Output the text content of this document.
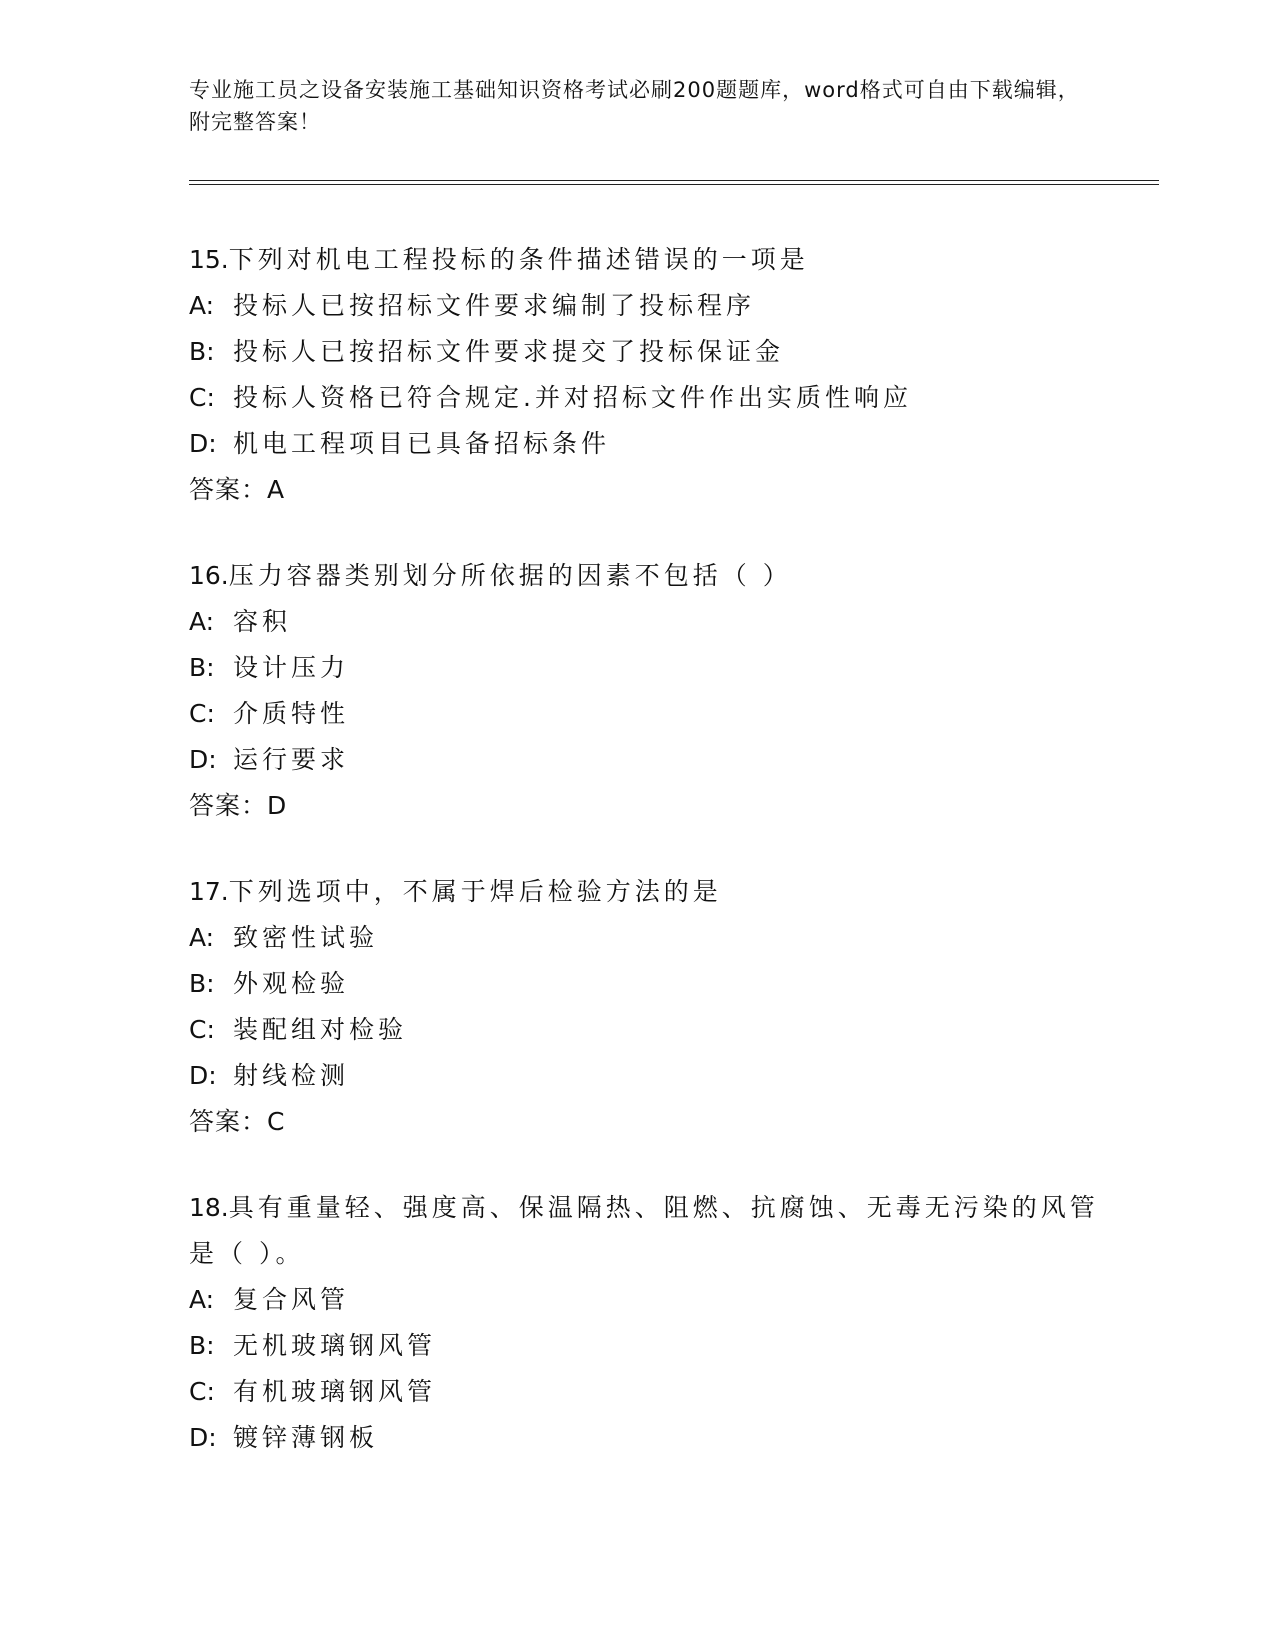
专业施工员之设备安装施工基础知识资格考试必刷200题题库，word格式可自由下载编辑，附完整答案！
15.下列对机电工程投标的条件描述错误的一项是
A: 投标人已按招标文件要求编制了投标程序
B: 投标人已按招标文件要求提交了投标保证金
C: 投标人资格已符合规定.并对招标文件作出实质性响应
D: 机电工程项目已具备招标条件
答案：A
16.压力容器类别划分所依据的因素不包括（ ）
A: 容积
B: 设计压力
C: 介质特性
D: 运行要求
答案：D
17.下列选项中，不属于焊后检验方法的是
A: 致密性试验
B: 外观检验
C: 装配组对检验
D: 射线检测
答案：C
18.具有重量轻、强度高、保温隔热、阻燃、抗腐蚀、无毒无污染的风管是（ ）。
A: 复合风管
B: 无机玻璃钢风管
C: 有机玻璃钢风管
D: 镀锌薄钢板
